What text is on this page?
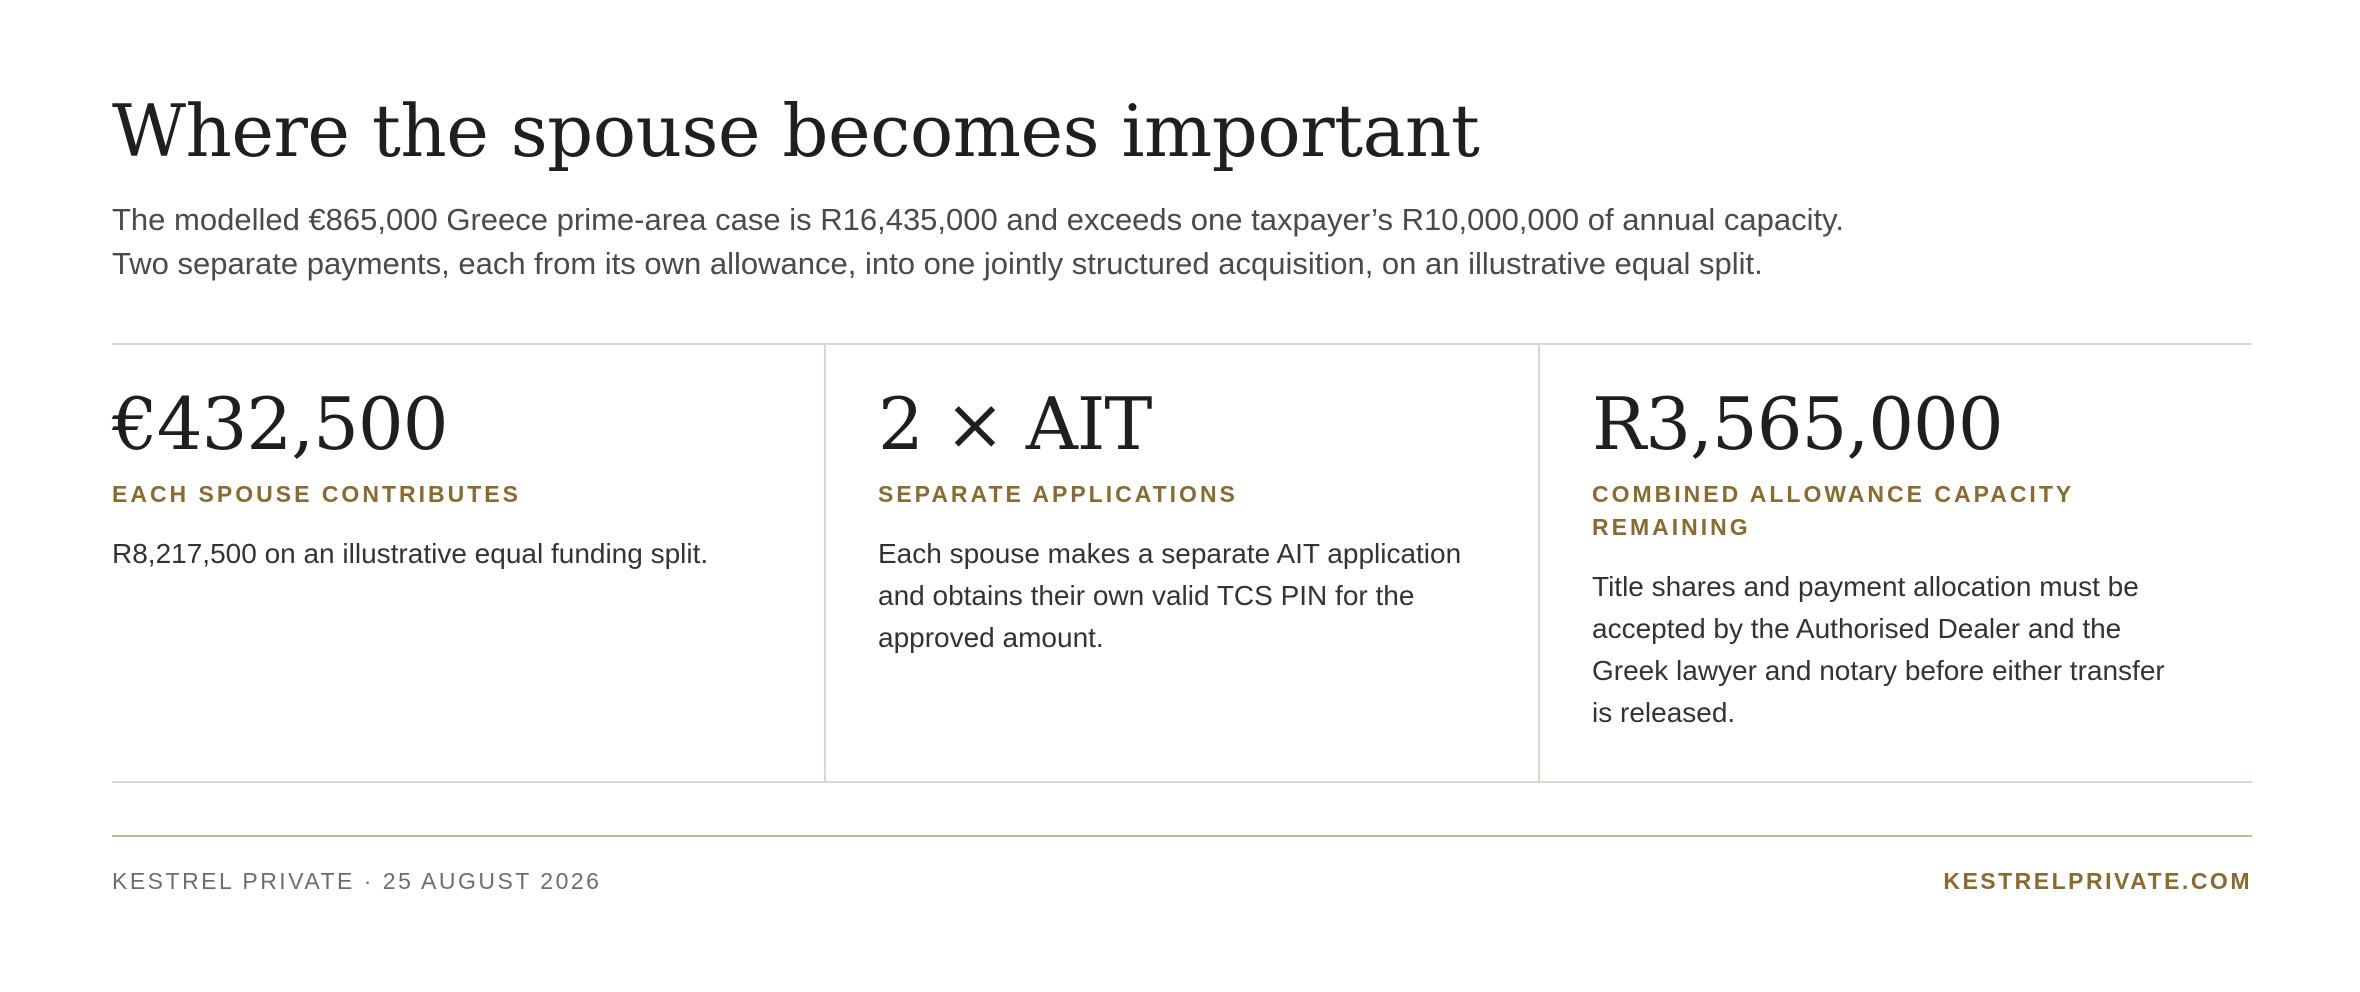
Where the spouse becomes important

The modelled €865,000 Greece prime-area case is R16,435,000 and exceeds one taxpayer’s R10,000,000 of annual capacity.

Two separate payments, each from its own allowance, into one jointly structured acquisition, on an illustrative equal split.

€432,500
EACH SPOUSE CONTRIBUTES
R8,217,500 on an illustrative equal funding split.
2 × AIT
SEPARATE APPLICATIONS
Each spouse makes a separate AIT application and obtains their own valid TCS PIN for the approved amount.
R3,565,000
COMBINED ALLOWANCE CAPACITY REMAINING
Title shares and payment allocation must be accepted by the Authorised Dealer and the Greek lawyer and notary before either transfer is released.
KESTREL PRIVATE · 25 AUGUST 2026	KESTRELPRIVATE.COM
